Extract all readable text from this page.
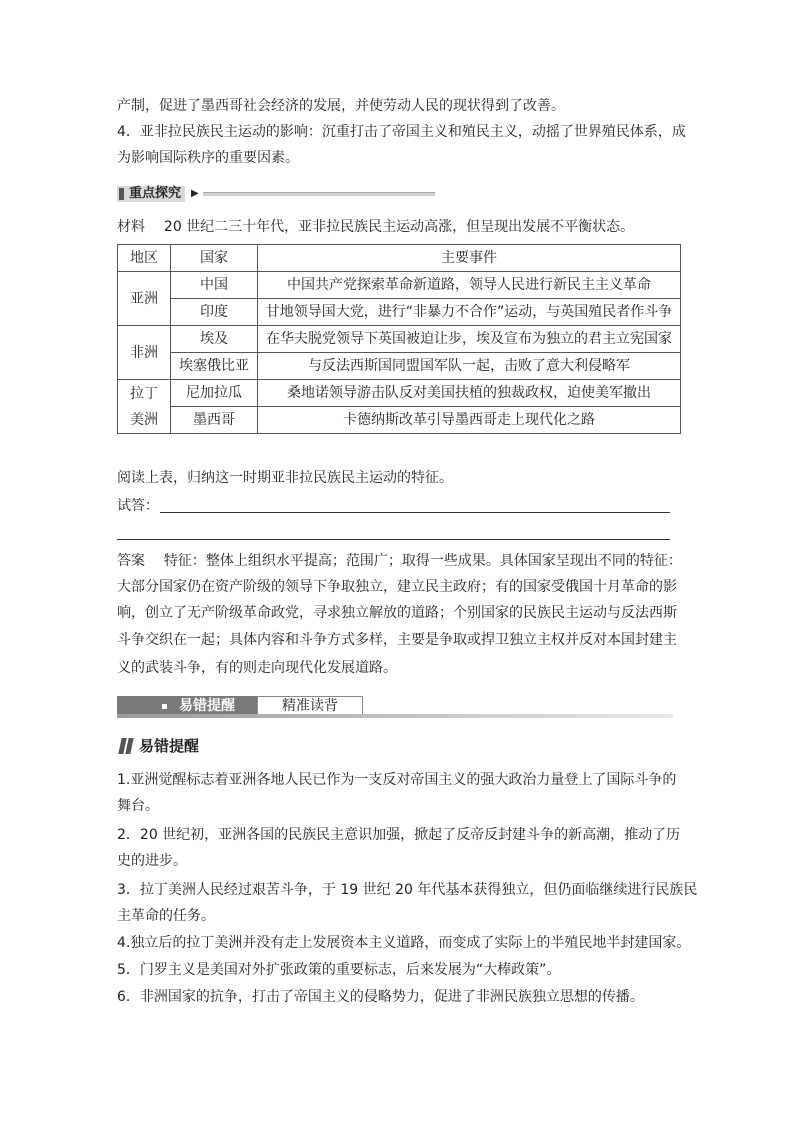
产制，促进了墨西哥社会经济的发展，并使劳动人民的现状得到了改善。
4．亚非拉民族民主运动的影响：沉重打击了帝国主义和殖民主义，动摇了世界殖民体系，成
为影响国际秩序的重要因素。
重点探究 ▶
材料 20 世纪二三十年代，亚非拉民族民主运动高涨，但呈现出发展不平衡状态。
地区	国家	主要事件
亚洲	中国	中国共产党探索革命新道路，领导人民进行新民主主义革命
	印度	甘地领导国大党，进行“非暴力不合作”运动，与英国殖民者作斗争
非洲	埃及	在华夫脱党领导下英国被迫让步，埃及宣布为独立的君主立宪国家
	埃塞俄比亚	与反法西斯国同盟国军队一起，击败了意大利侵略军
拉丁美洲	尼加拉瓜	桑地诺领导游击队反对美国扶植的独裁政权，迫使美军撤出
	墨西哥	卡德纳斯改革引导墨西哥走上现代化之路
阅读上表，归纳这一时期亚非拉民族民主运动的特征。
试答：
答案 特征：整体上组织水平提高；范围广；取得一些成果。具体国家呈现出不同的特征：
大部分国家仍在资产阶级的领导下争取独立，建立民主政府；有的国家受俄国十月革命的影
响，创立了无产阶级革命政党，寻求独立解放的道路；个别国家的民族民主运动与反法西斯
斗争交织在一起；具体内容和斗争方式多样，主要是争取或捍卫独立主权并反对本国封建主
义的武装斗争，有的则走向现代化发展道路。
易错提醒	精准读背
易错提醒
1.亚洲觉醒标志着亚洲各地人民已作为一支反对帝国主义的强大政治力量登上了国际斗争的
舞台。
2．20 世纪初，亚洲各国的民族民主意识加强，掀起了反帝反封建斗争的新高潮，推动了历
史的进步。
3．拉丁美洲人民经过艰苦斗争，于 19 世纪 20 年代基本获得独立，但仍面临继续进行民族民
主革命的任务。
4.独立后的拉丁美洲并没有走上发展资本主义道路，而变成了实际上的半殖民地半封建国家。
5．门罗主义是美国对外扩张政策的重要标志，后来发展为“大棒政策”。
6．非洲国家的抗争，打击了帝国主义的侵略势力，促进了非洲民族独立思想的传播。
